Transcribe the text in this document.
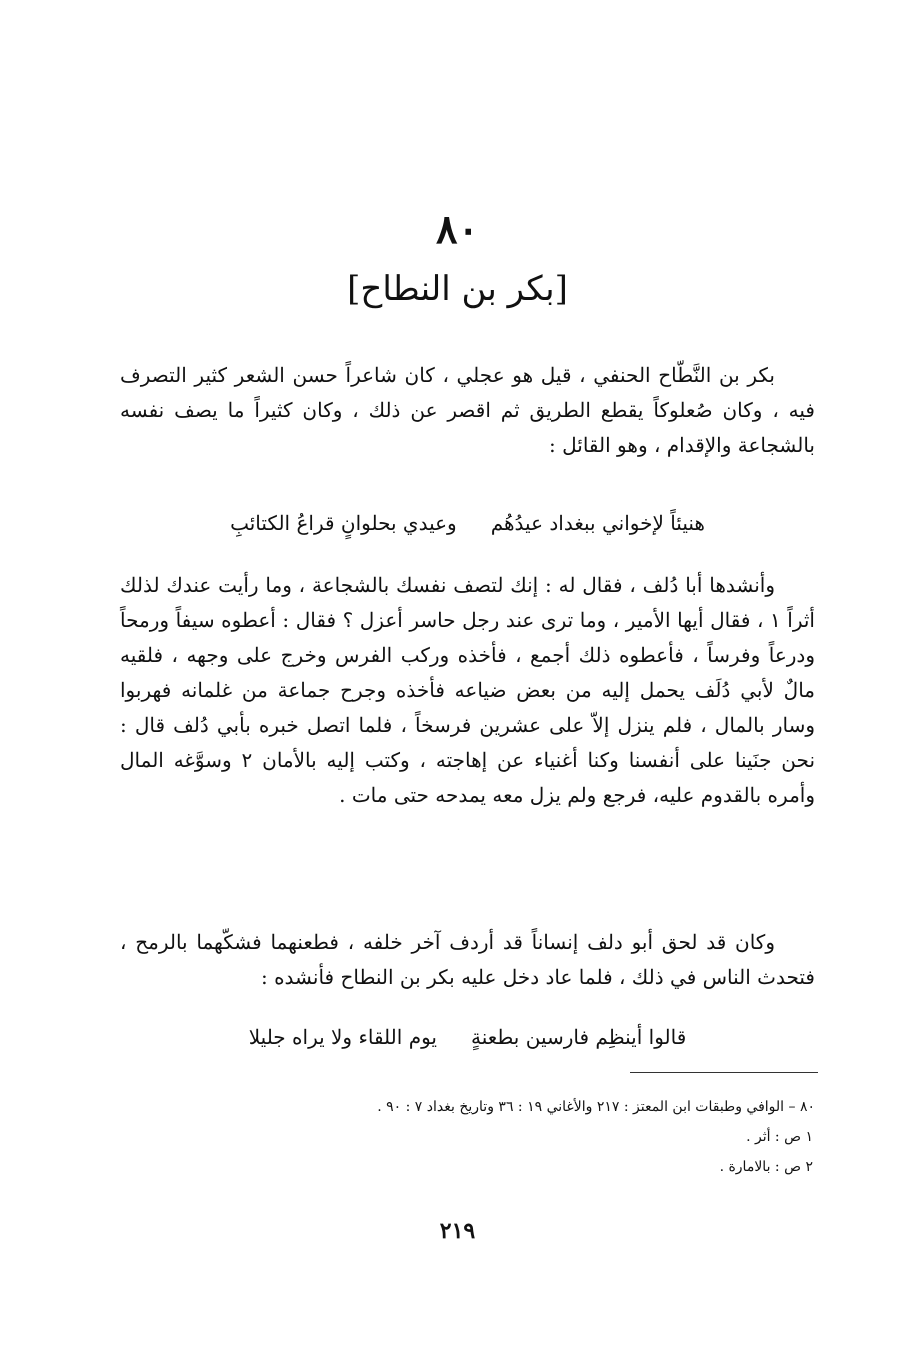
٨٠
[بكر بن النطاح]

بكر بن النَّطّاح الحنفي ، قيل هو عجلي ، كان شاعراً حسن الشعر كثير التصرف فيه ، وكان صُعلوكاً يقطع الطريق ثم اقصر عن ذلك ، وكان كثيراً ما يصف نفسه بالشجاعة والإقدام ، وهو القائل :

هنيئاً لإخواني ببغداد عيدُهُم
وعيدي بحلوانٍ قراعُ الكتائبِ

وأنشدها أبا دُلف ، فقال له : إنك لتصف نفسك بالشجاعة ، وما رأيت عندك لذلك أثراً ١ ، فقال أيها الأمير ، وما ترى عند رجل حاسر أعزل ؟ فقال : أعطوه سيفاً ورمحاً ودرعاً وفرساً ، فأعطوه ذلك أجمع ، فأخذه وركب الفرس وخرج على وجهه ، فلقيه مالٌ لأبي دُلَف يحمل إليه من بعض ضياعه فأخذه وجرح جماعة من غلمانه فهربوا وسار بالمال ، فلم ينزل إلاّ على عشرين فرسخاً ، فلما اتصل خبره بأبي دُلف قال : نحن جنَينا على أنفسنا وكنا أغنياء عن إهاجته ، وكتب إليه بالأمان ٢ وسوَّغه المال وأمره بالقدوم عليه، فرجع ولم يزل معه يمدحه حتى مات .

وكان قد لحق أبو دلف إنساناً قد أردف آخر خلفه ، فطعنهما فشكّهما بالرمح ، فتحدث الناس في ذلك ، فلما عاد دخل عليه بكر بن النطاح فأنشده :

قالوا أينظِم فارسين بطعنةٍ
يوم اللقاء ولا يراه جليلا

٨٠ – الوافي وطبقات ابن المعتز : ٢١٧ والأغاني ١٩ : ٣٦ وتاريخ بغداد ٧ : ٩٠ .

١ ص : أثر .

٢ ص : بالامارة .

٢١٩
